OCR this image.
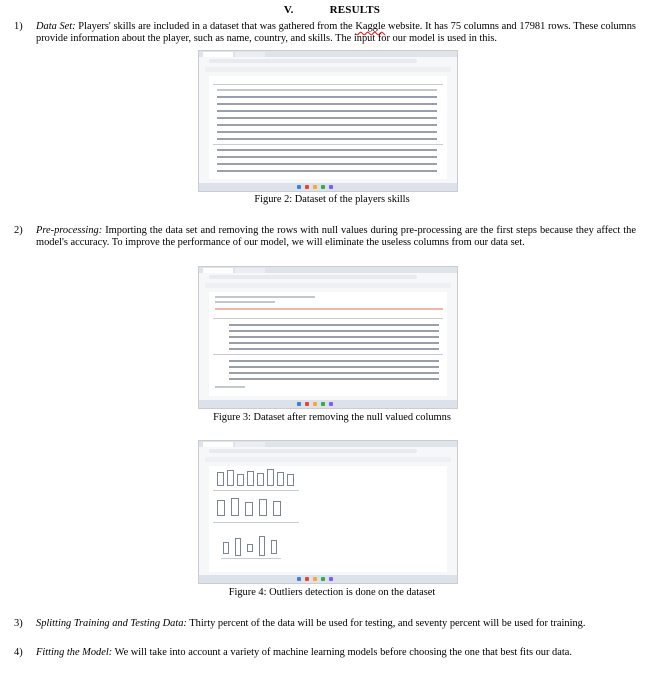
V.	RESULTS
1) Data Set: Players' skills are included in a dataset that was gathered from the Kaggle website. It has 75 columns and 17981 rows. These columns provide information about the player, such as name, country, and skills. The input for our model is used in this.
Figure 2: Dataset of the players skills
2) Pre-processing: Importing the data set and removing the rows with null values during pre-processing are the first steps because they affect the model's accuracy. To improve the performance of our model, we will eliminate the useless columns from our data set.
Figure 3: Dataset after removing the null valued columns
Figure 4: Outliers detection is done on the dataset
3) Splitting Training and Testing Data: Thirty percent of the data will be used for testing, and seventy percent will be used for training.
4) Fitting the Model: We will take into account a variety of machine learning models before choosing the one that best fits our data.
